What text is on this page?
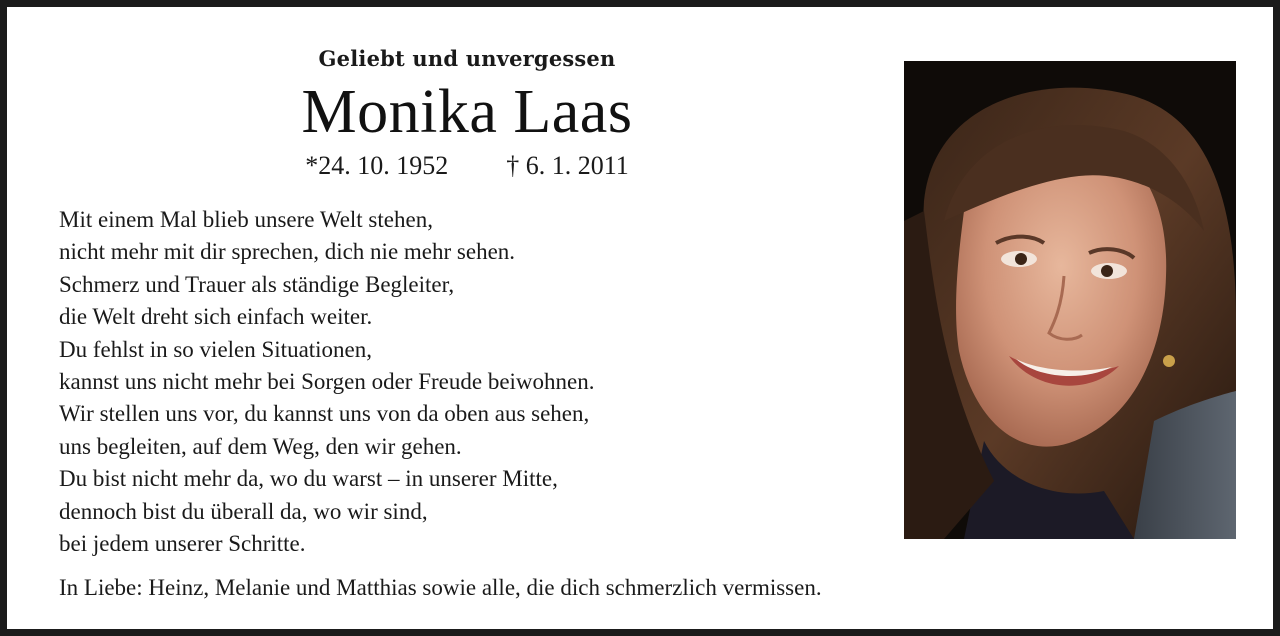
Geliebt und unvergessen
Monika Laas
*24. 10. 1952 † 6. 1. 2011
Mit einem Mal blieb unsere Welt stehen,
nicht mehr mit dir sprechen, dich nie mehr sehen.
Schmerz und Trauer als ständige Begleiter,
die Welt dreht sich einfach weiter.
Du fehlst in so vielen Situationen,
kannst uns nicht mehr bei Sorgen oder Freude beiwohnen.
Wir stellen uns vor, du kannst uns von da oben aus sehen,
uns begleiten, auf dem Weg, den wir gehen.
Du bist nicht mehr da, wo du warst – in unserer Mitte,
dennoch bist du überall da, wo wir sind,
bei jedem unserer Schritte.
In Liebe: Heinz, Melanie und Matthias sowie alle, die dich schmerzlich vermissen.
